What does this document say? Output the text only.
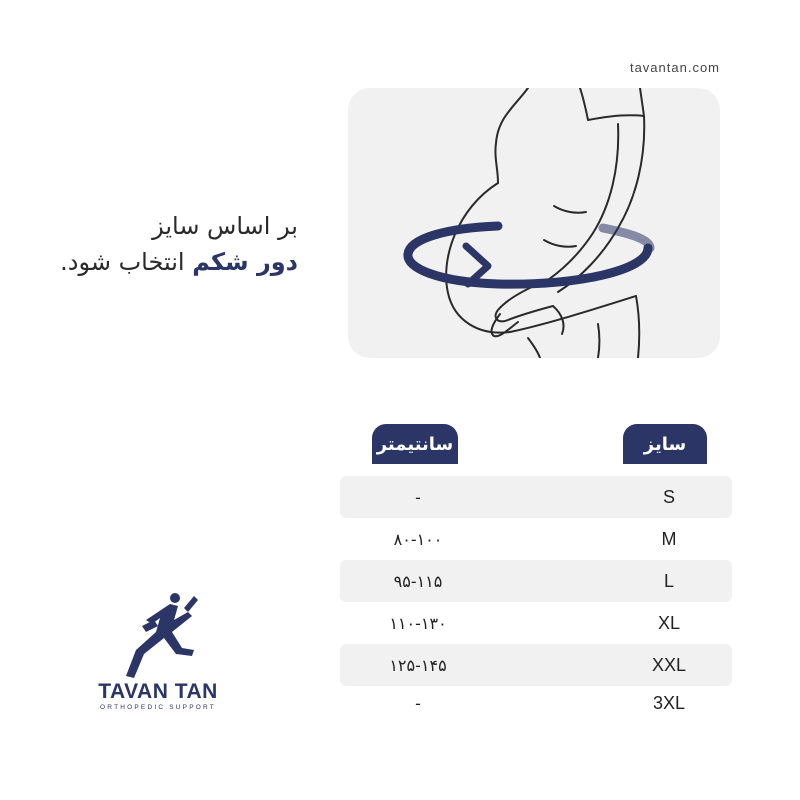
tavantan.com
بر اساس سایز
دور شکم انتخاب شود.
سایز
سانتیمتر
-	S
۸۰-۱۰۰	M
۹۵-۱۱۵	L
۱۱۰-۱۳۰	XL
۱۲۵-۱۴۵	XXL
-	3XL
TAVAN TAN
ORTHOPEDIC SUPPORT
